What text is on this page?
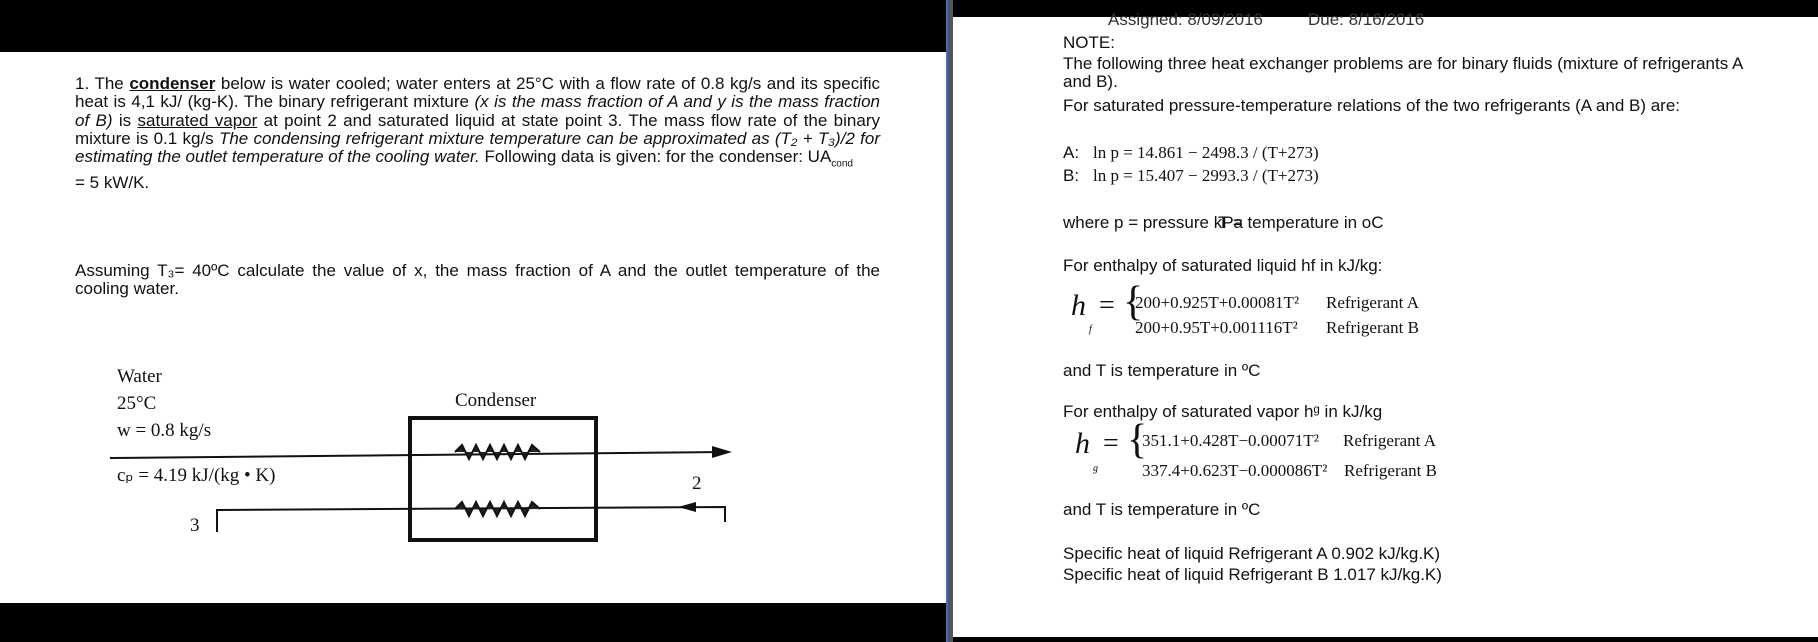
1. The condenser below is water cooled; water enters at 25°C with a flow rate of 0.8 kg/s and its specific heat is 4,1 kJ/ (kg-K). The binary refrigerant mixture (x is the mass fraction of A and y is the mass fraction of B) is saturated vapor at point 2 and saturated liquid at state point 3. The mass flow rate of the binary mixture is 0.1 kg/s The condensing refrigerant mixture temperature can be approximated as (T₂ + T₃)/2 for estimating the outlet temperature of the cooling water. Following data is given: for the condenser: $UA_{cond}$
= 5 kW/K.
Assuming T₃= 40ºC calculate the value of x, the mass fraction of A and the outlet temperature of the cooling water.
Water
25°C
w = 0.8 kg/s
cₚ = 4.19 kJ/(kg • K)
Condenser
2
3
Assigned: 8/09/2016	Due: 8/16/2016
NOTE:
The following three heat exchanger problems are for binary fluids (mixture of refrigerants A and B).
For saturated pressure-temperature relations of the two refrigerants (A and B) are:
A: ln p = 14.861 − 2498.3 / (T+273)
B: ln p = 15.407 − 2993.3 / (T+273)
where p = pressure kPa
T = temperature in oC
For enthalpy of saturated liquid hf in kJ/kg:
h
f
= {
200+0.925T+0.00081T²
200+0.95T+0.001116T²
Refrigerant A
Refrigerant B
and T is temperature in ºC
For enthalpy of saturated vapor hᵍ in kJ/kg
h
g
= {
351.1+0.428T−0.00071T²
337.4+0.623T−0.000086T²
Refrigerant A
Refrigerant B
and T is temperature in ºC
Specific heat of liquid Refrigerant A 0.902 kJ/kg.K)
Specific heat of liquid Refrigerant B 1.017 kJ/kg.K)
